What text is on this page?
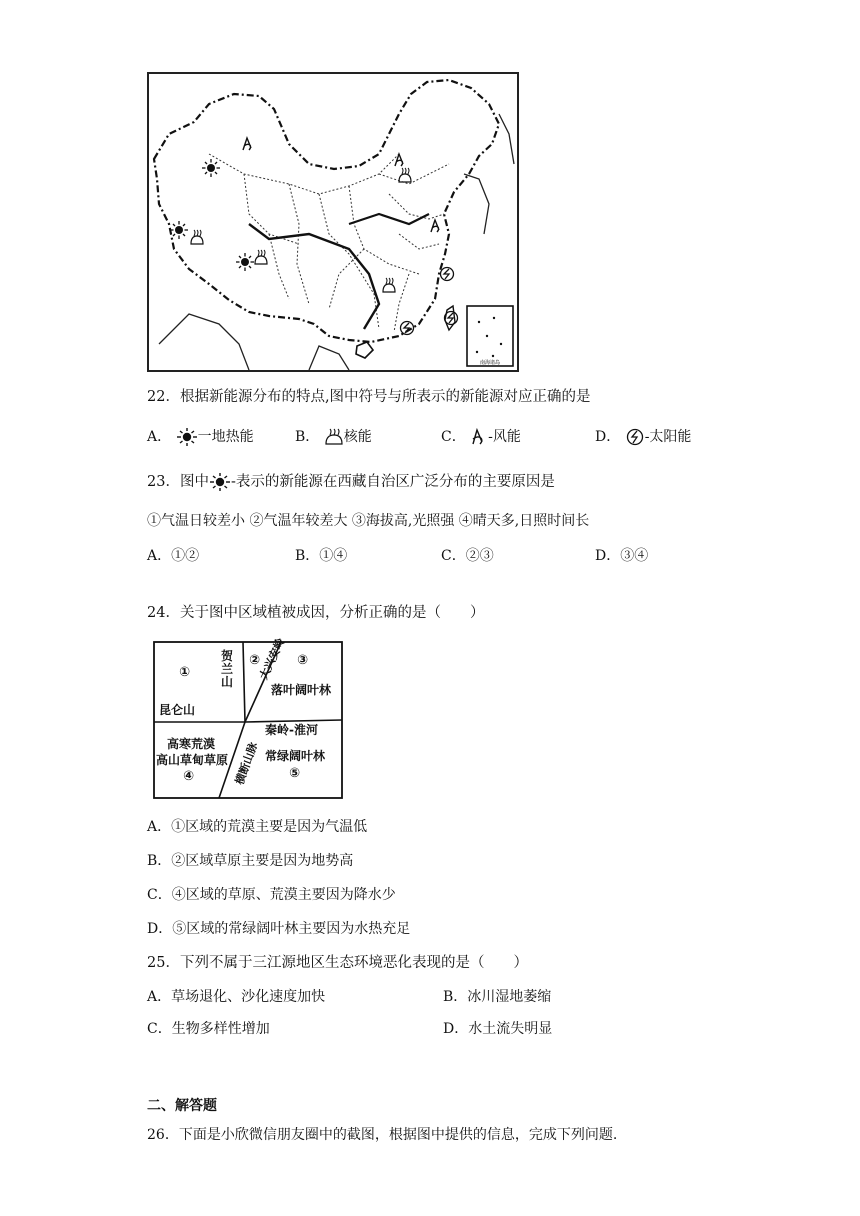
南海诸岛
22．根据新能源分布的特点,图中符号与所表示的新能源对应正确的是
A． 一地热能	B． 核能	C． -风能	D． -太阳能
23．图中 -表示的新能源在西藏自治区广泛分布的主要原因是
①气温日较差小 ②气温年较差大 ③海拔高,光照强 ④晴天多,日照时间长
A．①②	B．①④	C．②③	D．③④
24．关于图中区域植被成因，分析正确的是（　　）
①
贺兰山
昆仑山
②
大兴安岭 ③
落叶阔叶林
秦岭-淮河
高寒荒漠
高山草甸草原
④	横断山脉 常绿阔叶林
⑤
A．①区域的荒漠主要是因为气温低
B．②区域草原主要是因为地势高
C．④区域的草原、荒漠主要因为降水少
D．⑤区域的常绿阔叶林主要因为水热充足
25．下列不属于三江源地区生态环境恶化表现的是（　　）
A．草场退化、沙化速度加快	B．冰川湿地萎缩
C．生物多样性增加	D．水土流失明显
二、解答题
26．下面是小欣微信朋友圈中的截图，根据图中提供的信息，完成下列问题.
